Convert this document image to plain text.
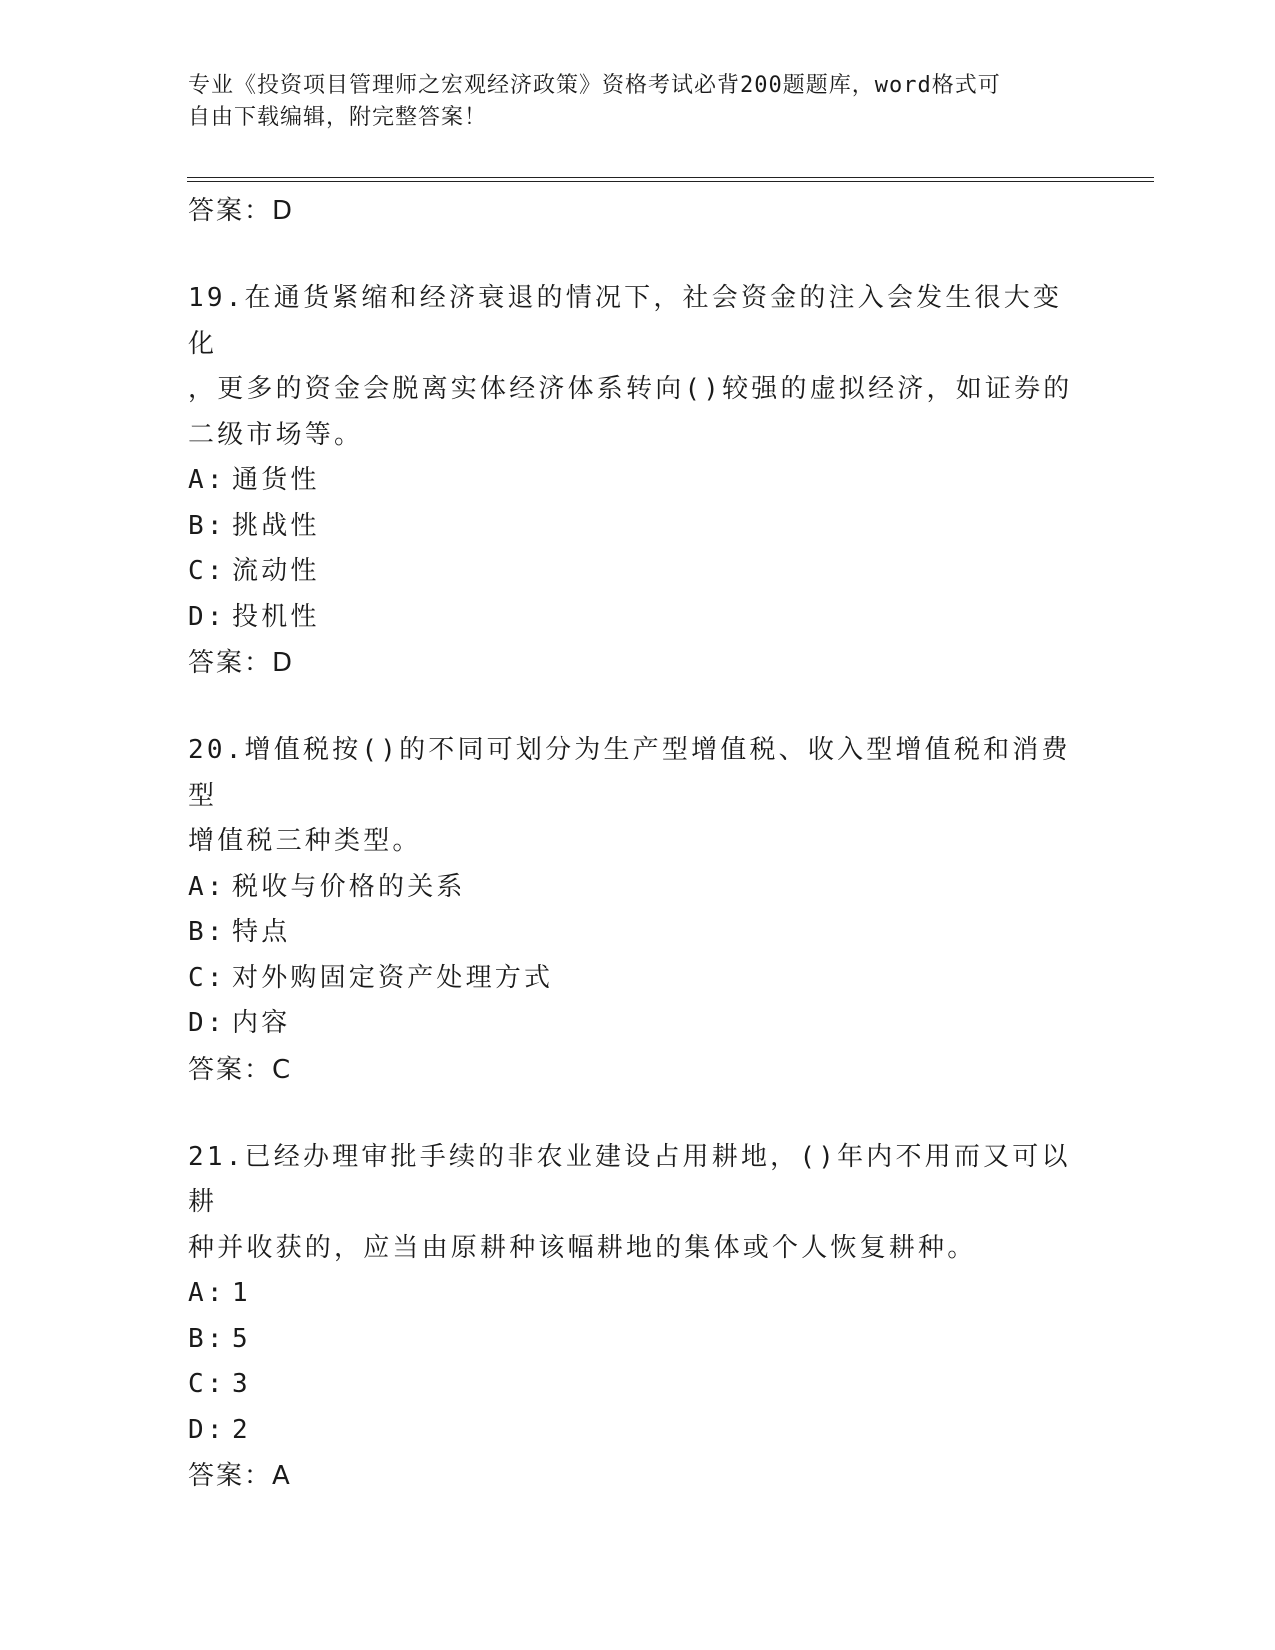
专业《投资项目管理师之宏观经济政策》资格考试必背200题题库，word格式可
自由下载编辑，附完整答案！
答案：D
19.在通货紧缩和经济衰退的情况下，社会资金的注入会发生很大变化
，更多的资金会脱离实体经济体系转向()较强的虚拟经济，如证券的
二级市场等。
A: 通货性
B: 挑战性
C: 流动性
D: 投机性
答案：D
20.增值税按()的不同可划分为生产型增值税、收入型增值税和消费型
增值税三种类型。
A: 税收与价格的关系
B: 特点
C: 对外购固定资产处理方式
D: 内容
答案：C
21.已经办理审批手续的非农业建设占用耕地，()年内不用而又可以耕
种并收获的，应当由原耕种该幅耕地的集体或个人恢复耕种。
A: 1
B: 5
C: 3
D: 2
答案：A
